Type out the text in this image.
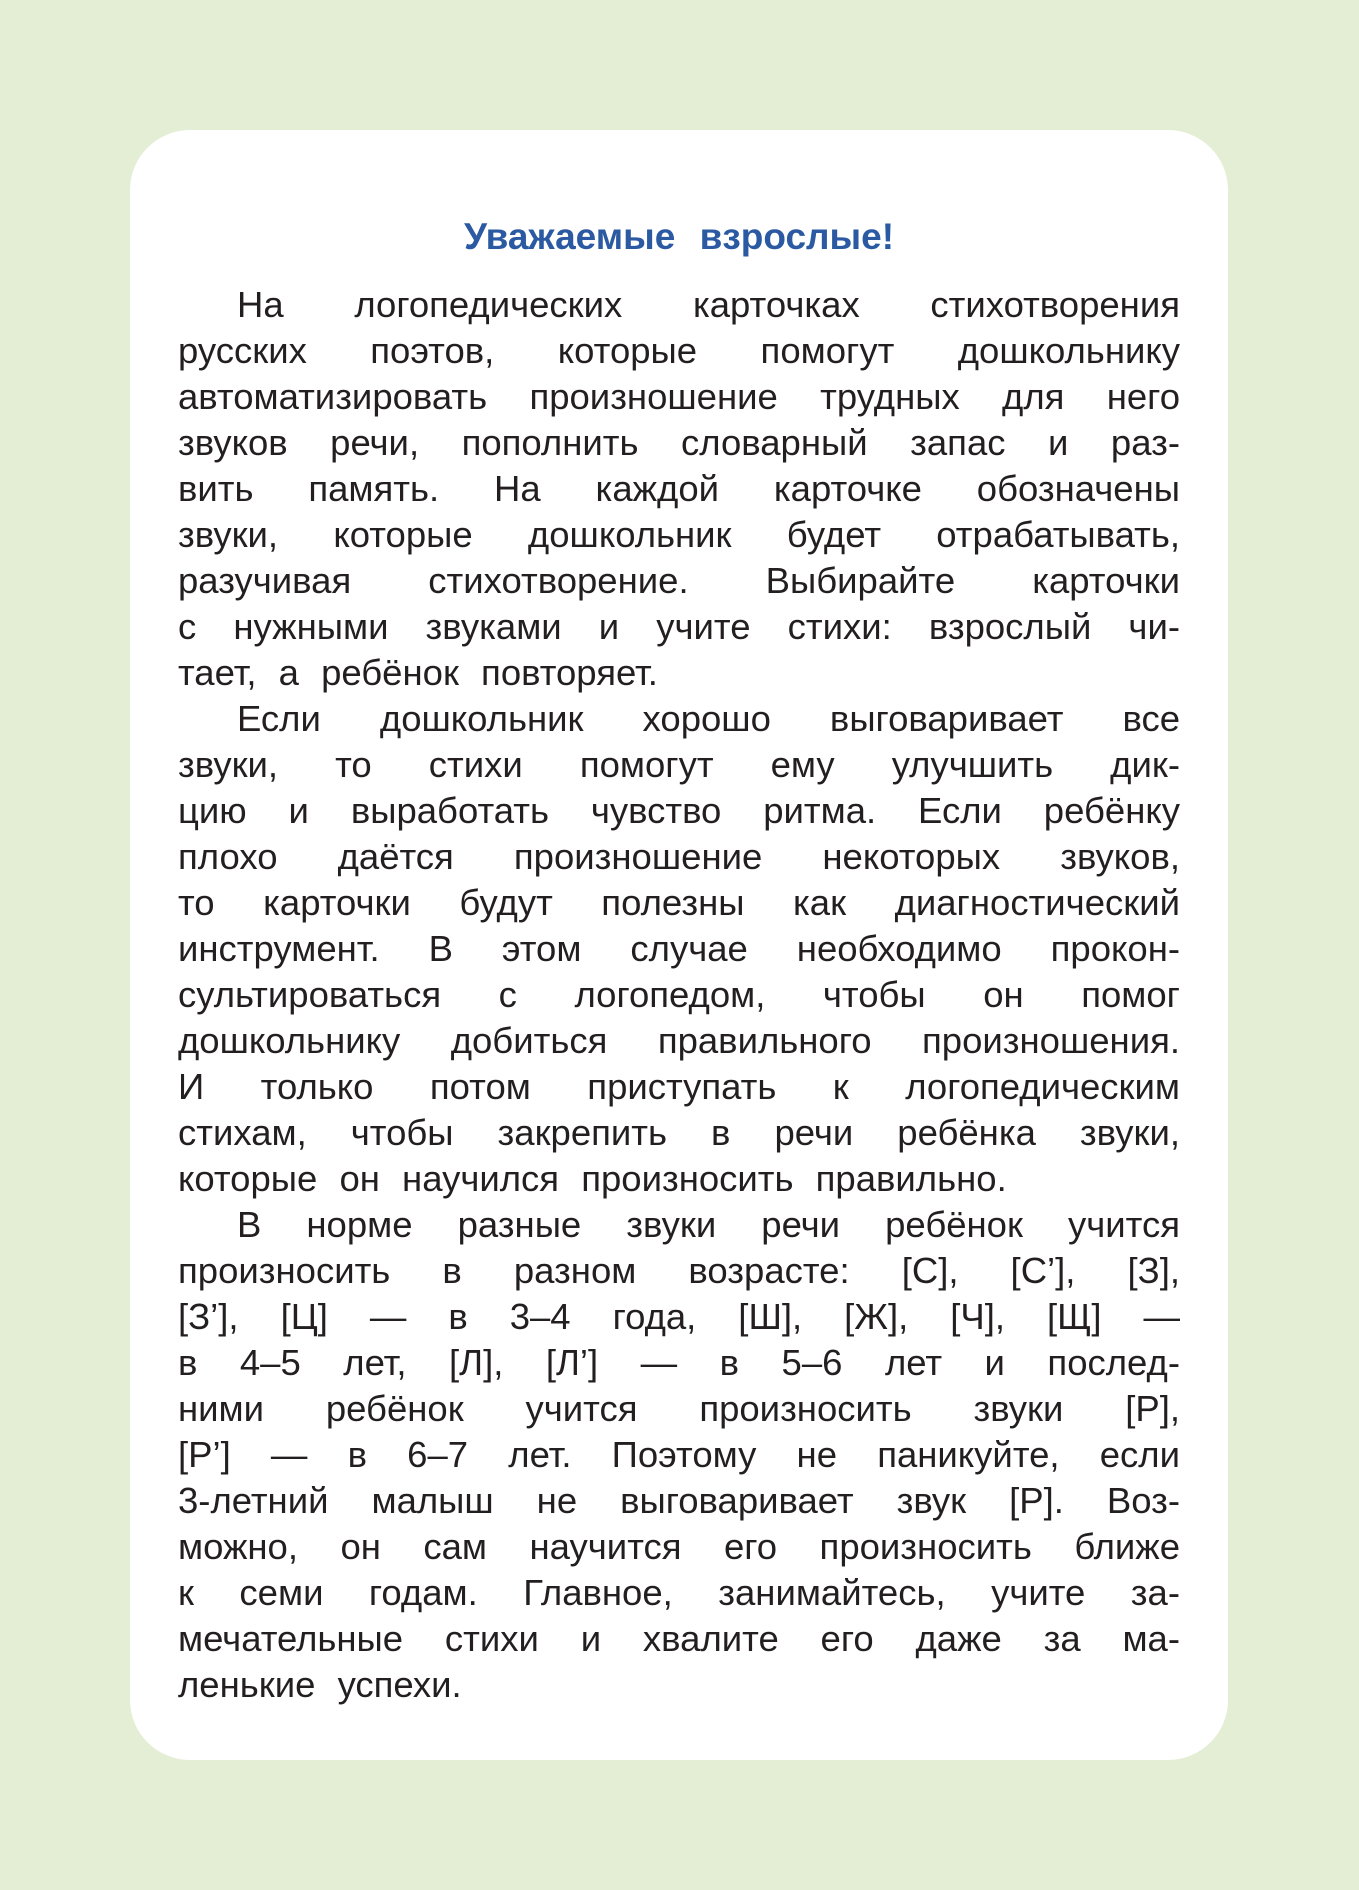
Уважаемые взрослые!

На логопедических карточках стихотворения
русских поэтов, которые помогут дошкольнику
автоматизировать произношение трудных для него
звуков речи, пополнить словарный запас и раз-
вить память. На каждой карточке обозначены
звуки, которые дошкольник будет отрабатывать,
разучивая стихотворение. Выбирайте карточки
с нужными звуками и учите стихи: взрослый чи-
тает, а ребёнок повторяет.

Если дошкольник хорошо выговаривает все
звуки, то стихи помогут ему улучшить дик-
цию и выработать чувство ритма. Если ребёнку
плохо даётся произношение некоторых звуков,
то карточки будут полезны как диагностический
инструмент. В этом случае необходимо прокон-
сультироваться с логопедом, чтобы он помог
дошкольнику добиться правильного произношения.
И только потом приступать к логопедическим
стихам, чтобы закрепить в речи ребёнка звуки,
которые он научился произносить правильно.

В норме разные звуки речи ребёнок учится
произносить в разном возрасте: [С], [С’], [З],
[З’], [Ц] — в 3–4 года, [Ш], [Ж], [Ч], [Щ] —
в 4–5 лет, [Л], [Л’] — в 5–6 лет и послед-
ними ребёнок учится произносить звуки [Р],
[Р’] — в 6–7 лет. Поэтому не паникуйте, если
3-летний малыш не выговаривает звук [Р]. Воз-
можно, он сам научится его произносить ближе
к семи годам. Главное, занимайтесь, учите за-
мечательные стихи и хвалите его даже за ма-
ленькие успехи.
